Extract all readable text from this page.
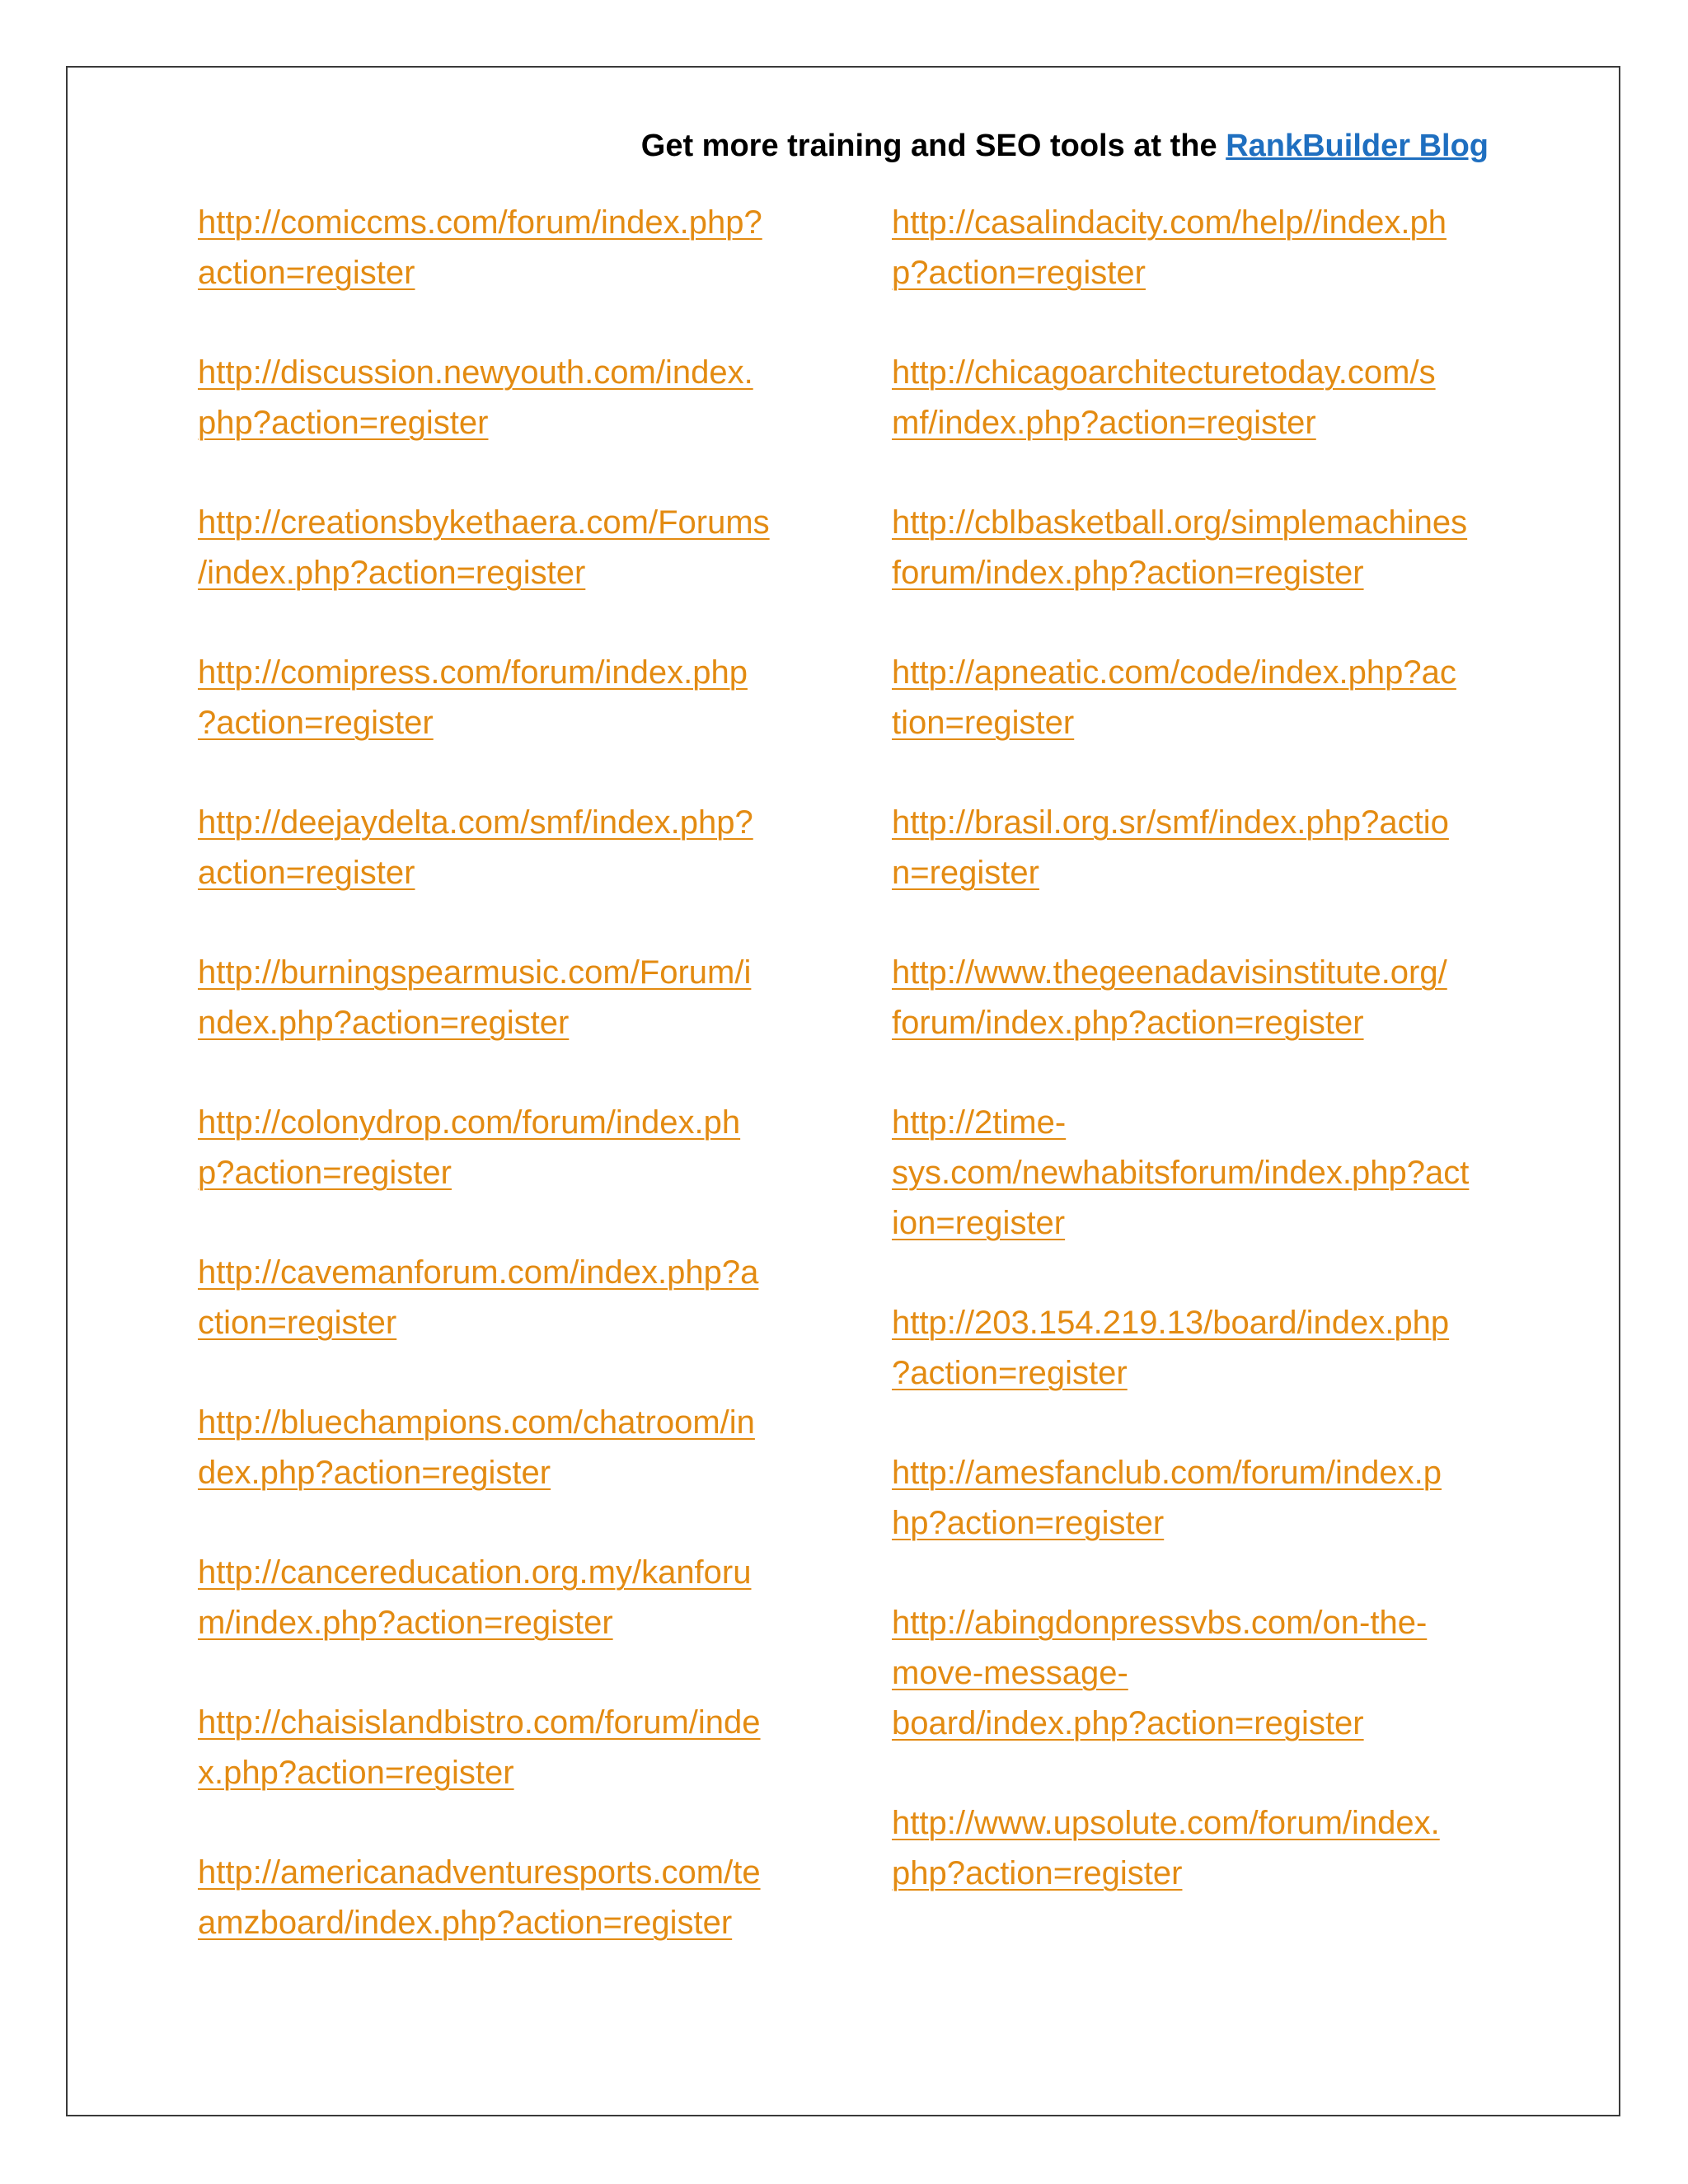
Get more training and SEO tools at the RankBuilder Blog
http://comiccms.com/forum/index.php?
action=register
http://discussion.newyouth.com/index.
php?action=register
http://creationsbykethaera.com/Forums
/index.php?action=register
http://comipress.com/forum/index.php
?action=register
http://deejaydelta.com/smf/index.php?
action=register
http://burningspearmusic.com/Forum/i
ndex.php?action=register
http://colonydrop.com/forum/index.ph
p?action=register
http://cavemanforum.com/index.php?a
ction=register
http://bluechampions.com/chatroom/in
dex.php?action=register
http://cancereducation.org.my/kanforu
m/index.php?action=register
http://chaisislandbistro.com/forum/inde
x.php?action=register
http://americanadventuresports.com/te
amzboard/index.php?action=register
http://casalindacity.com/help//index.ph
p?action=register
http://chicagoarchitecturetoday.com/s
mf/index.php?action=register
http://cblbasketball.org/simplemachines
forum/index.php?action=register
http://apneatic.com/code/index.php?ac
tion=register
http://brasil.org.sr/smf/index.php?actio
n=register
http://www.thegeenadavisinstitute.org/
forum/index.php?action=register
http://2time-
sys.com/newhabitsforum/index.php?act
ion=register
http://203.154.219.13/board/index.php
?action=register
http://amesfanclub.com/forum/index.p
hp?action=register
http://abingdonpressvbs.com/on-the-
move-message-
board/index.php?action=register
http://www.upsolute.com/forum/index.
php?action=register
